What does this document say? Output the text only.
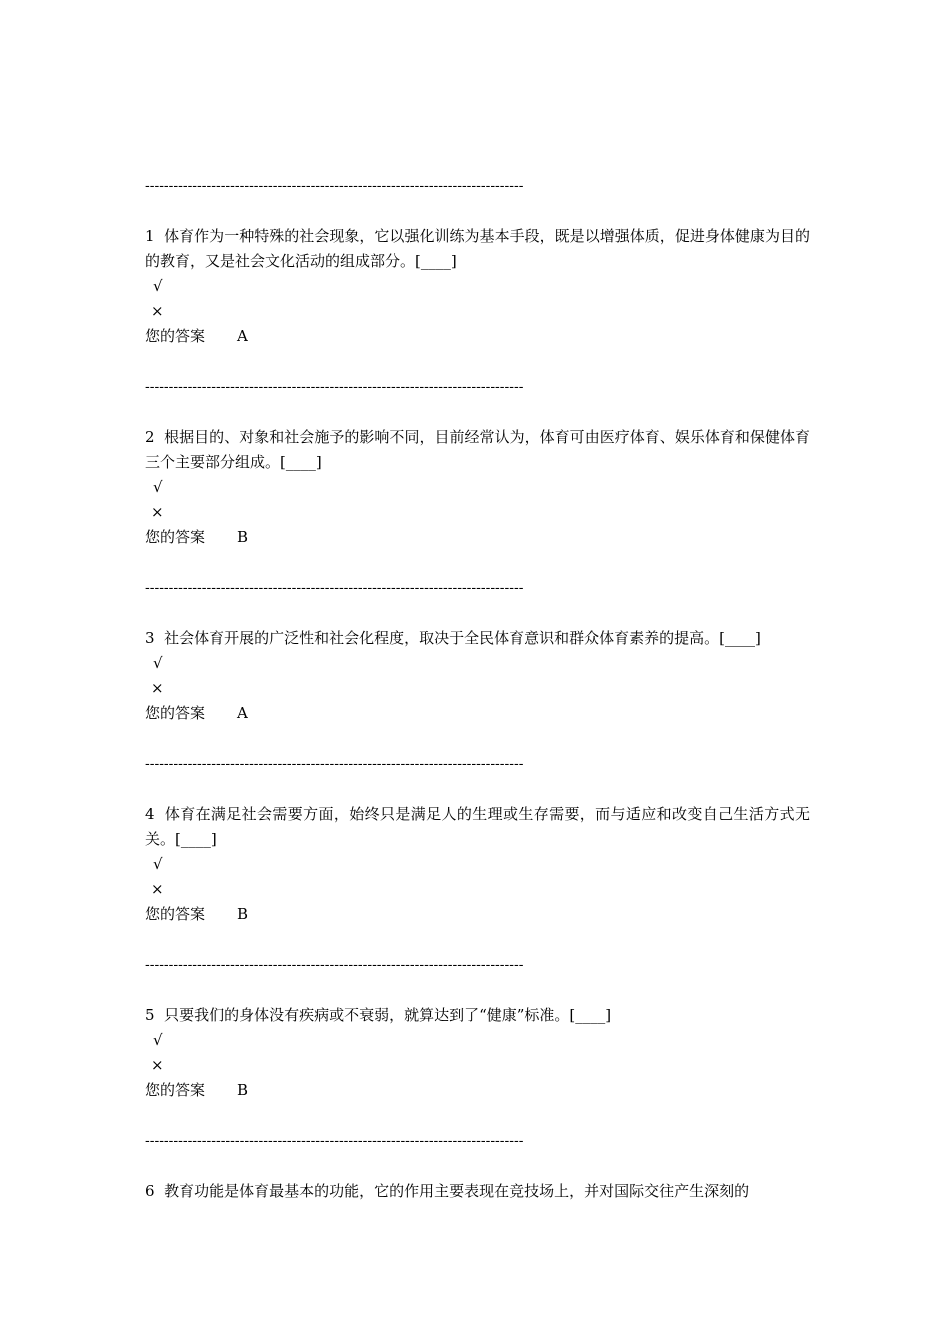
--------------------------------------------------------------------------------
1 体育作为一种特殊的社会现象，它以强化训练为基本手段，既是以增强体质，促进身体健康为目的的教育，又是社会文化活动的组成部分。[____]
√
×
您的答案 A
--------------------------------------------------------------------------------
2 根据目的、对象和社会施予的影响不同，目前经常认为，体育可由医疗体育、娱乐体育和保健体育三个主要部分组成。[____]
√
×
您的答案 B
--------------------------------------------------------------------------------
3 社会体育开展的广泛性和社会化程度，取决于全民体育意识和群众体育素养的提高。[____]
√
×
您的答案 A
--------------------------------------------------------------------------------
4 体育在满足社会需要方面，始终只是满足人的生理或生存需要，而与适应和改变自己生活方式无关。[____]
√
×
您的答案 B
--------------------------------------------------------------------------------
5 只要我们的身体没有疾病或不衰弱，就算达到了“健康”标准。[____]
√
×
您的答案 B
--------------------------------------------------------------------------------
6 教育功能是体育最基本的功能，它的作用主要表现在竞技场上，并对国际交往产生深刻的
